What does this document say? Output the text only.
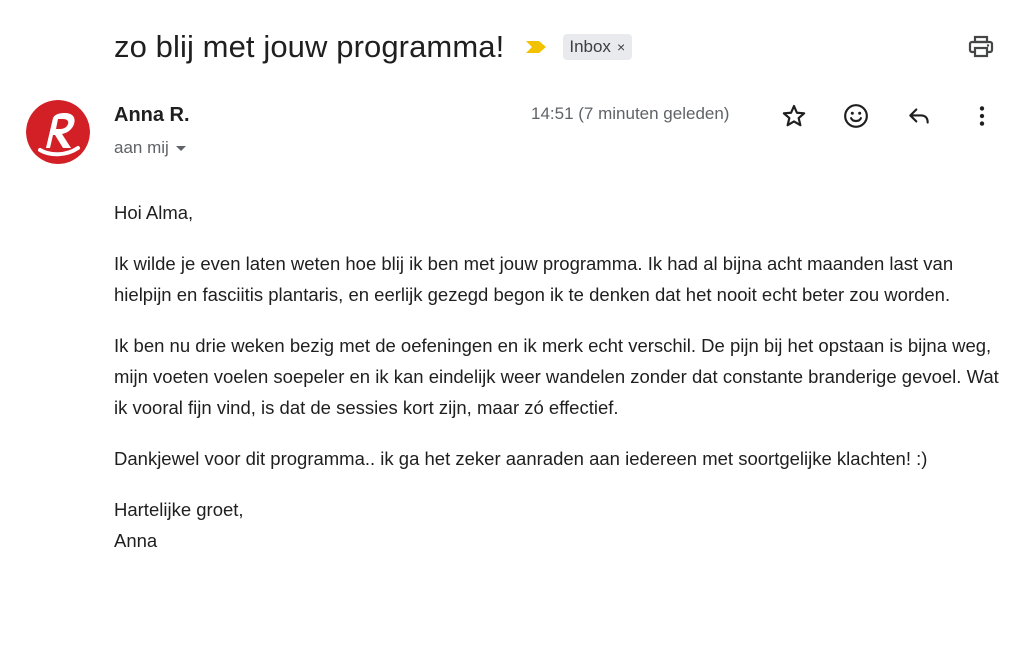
zo blij met jouw programma!	Inbox ×
Anna R.
aan mij
14:51 (7 minuten geleden)

Hoi Alma,

Ik wilde je even laten weten hoe blij ik ben met jouw programma. Ik had al bijna acht maanden last van hielpijn en fasciitis plantaris, en eerlijk gezegd begon ik te denken dat het nooit echt beter zou worden.

Ik ben nu drie weken bezig met de oefeningen en ik merk echt verschil. De pijn bij het opstaan is bijna weg, mijn voeten voelen soepeler en ik kan eindelijk weer wandelen zonder dat constante branderige gevoel. Wat ik vooral fijn vind, is dat de sessies kort zijn, maar zó effectief.

Dankjewel voor dit programma.. ik ga het zeker aanraden aan iedereen met soortgelijke klachten! :)

Hartelijke groet,

Anna
